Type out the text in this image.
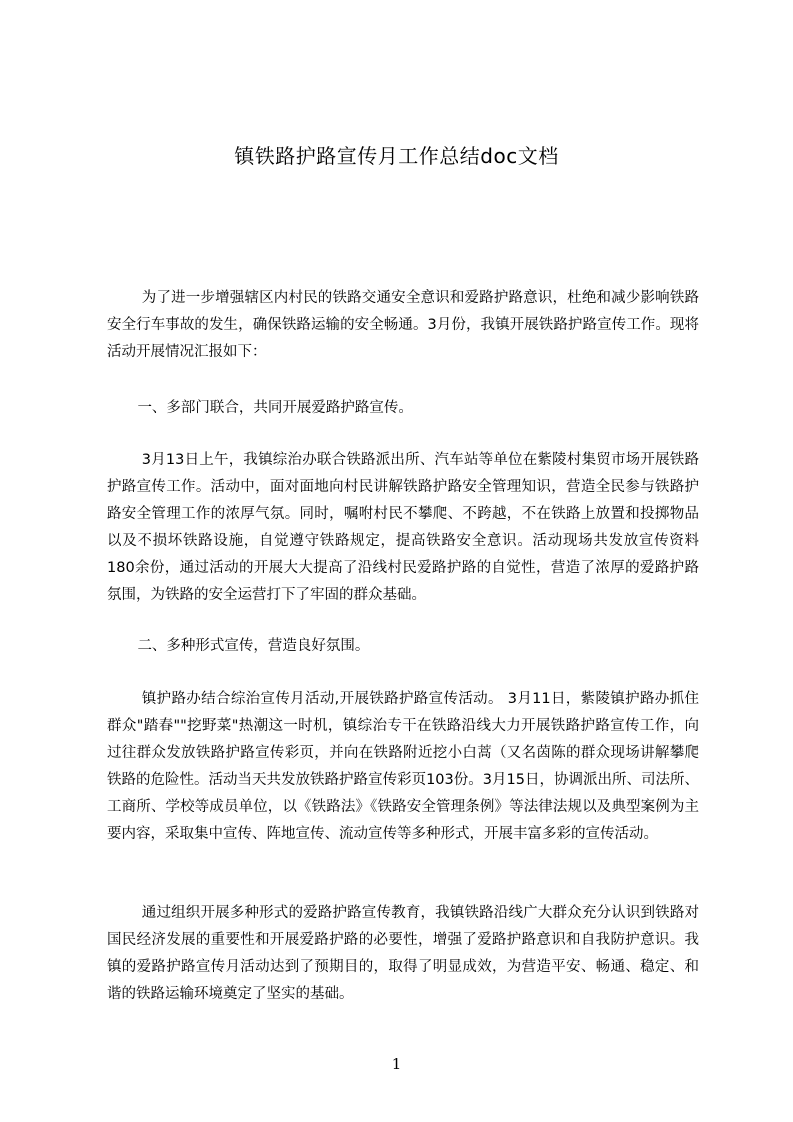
镇铁路护路宣传月工作总结doc文档

为了进一步增强辖区内村民的铁路交通安全意识和爱路护路意识，杜绝和减少影响铁路安全行车事故的发生，确保铁路运输的安全畅通。3月份，我镇开展铁路护路宣传工作。现将活动开展情况汇报如下：

一、多部门联合，共同开展爱路护路宣传。

3月13日上午，我镇综治办联合铁路派出所、汽车站等单位在紫陵村集贸市场开展铁路护路宣传工作。活动中，面对面地向村民讲解铁路护路安全管理知识，营造全民参与铁路护路安全管理工作的浓厚气氛。同时，嘱咐村民不攀爬、不跨越，不在铁路上放置和投掷物品以及不损坏铁路设施，自觉遵守铁路规定，提高铁路安全意识。活动现场共发放宣传资料180余份，通过活动的开展大大提高了沿线村民爱路护路的自觉性，营造了浓厚的爱路护路氛围，为铁路的安全运营打下了牢固的群众基础。

二、多种形式宣传，营造良好氛围。

镇护路办结合综治宣传月活动,开展铁路护路宣传活动。 3月11日，紫陵镇护路办抓住群众"踏春""挖野菜"热潮这一时机，镇综治专干在铁路沿线大力开展铁路护路宣传工作，向过往群众发放铁路护路宣传彩页，并向在铁路附近挖小白蒿（又名茵陈的群众现场讲解攀爬铁路的危险性。活动当天共发放铁路护路宣传彩页103份。3月15日，协调派出所、司法所、工商所、学校等成员单位，以《铁路法》《铁路安全管理条例》等法律法规以及典型案例为主要内容，采取集中宣传、阵地宣传、流动宣传等多种形式，开展丰富多彩的宣传活动。

通过组织开展多种形式的爱路护路宣传教育，我镇铁路沿线广大群众充分认识到铁路对国民经济发展的重要性和开展爱路护路的必要性，增强了爱路护路意识和自我防护意识。我镇的爱路护路宣传月活动达到了预期目的，取得了明显成效，为营造平安、畅通、稳定、和谐的铁路运输环境奠定了坚实的基础。

1
